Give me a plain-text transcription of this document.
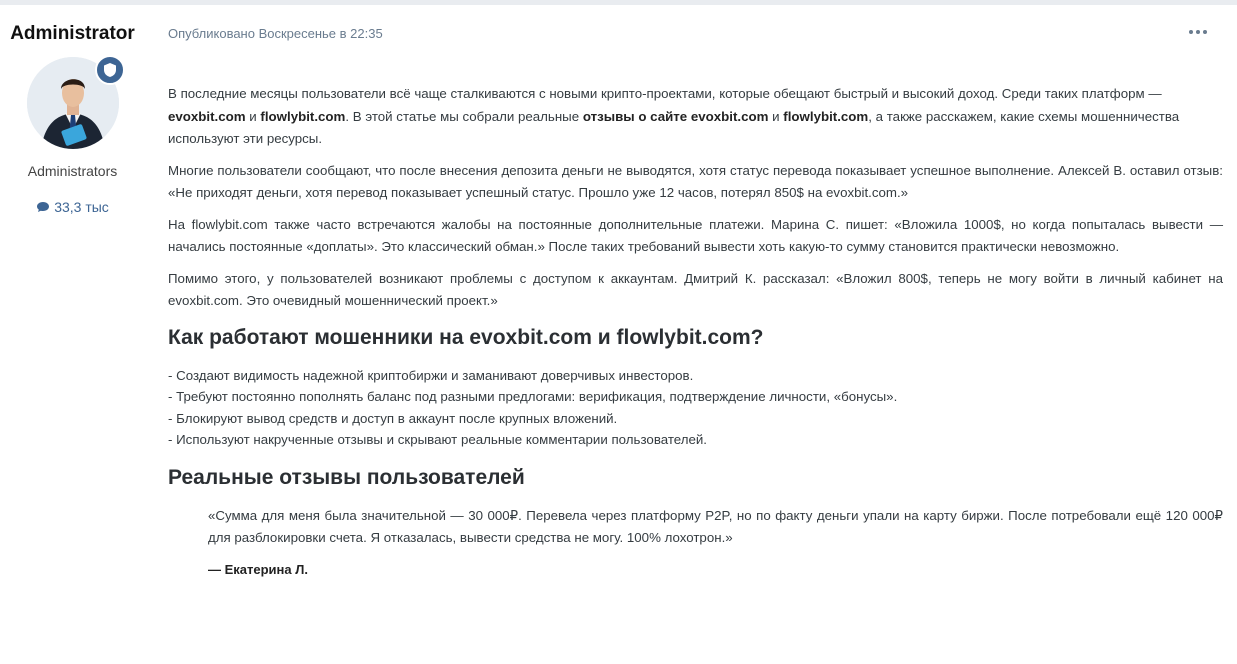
Administrator
Administrators
33,3 тыс
Опубликовано Воскресенье в 22:35

В последние месяцы пользователи всё чаще сталкиваются с новыми крипто-проектами, которые обещают быстрый и высокий доход. Среди таких платформ — evoxbit.com и flowlybit.com. В этой статье мы собрали реальные отзывы о сайте evoxbit.com и flowlybit.com, а также расскажем, какие схемы мошенничества используют эти ресурсы.

Многие пользователи сообщают, что после внесения депозита деньги не выводятся, хотя статус перевода показывает успешное выполнение. Алексей В. оставил отзыв: «Не приходят деньги, хотя перевод показывает успешный статус. Прошло уже 12 часов, потерял 850$ на evoxbit.com.»

На flowlybit.com также часто встречаются жалобы на постоянные дополнительные платежи. Марина С. пишет: «Вложила 1000$, но когда попыталась вывести — начались постоянные «доплаты». Это классический обман.» После таких требований вывести хоть какую-то сумму становится практически невозможно.

Помимо этого, у пользователей возникают проблемы с доступом к аккаунтам. Дмитрий К. рассказал: «Вложил 800$, теперь не могу войти в личный кабинет на evoxbit.com. Это очевидный мошеннический проект.»

Как работают мошенники на evoxbit.com и flowlybit.com?
- Создают видимость надежной криптобиржи и заманивают доверчивых инвесторов.
- Требуют постоянно пополнять баланс под разными предлогами: верификация, подтверждение личности, «бонусы».
- Блокируют вывод средств и доступ в аккаунт после крупных вложений.
- Используют накрученные отзывы и скрывают реальные комментарии пользователей.
Реальные отзывы пользователей

«Сумма для меня была значительной — 30 000₽. Перевела через платформу P2P, но по факту деньги упали на карту биржи. После потребовали ещё 120 000₽ для разблокировки счета. Я отказалась, вывести средства не могу. 100% лохотрон.»

— Екатерина Л.
